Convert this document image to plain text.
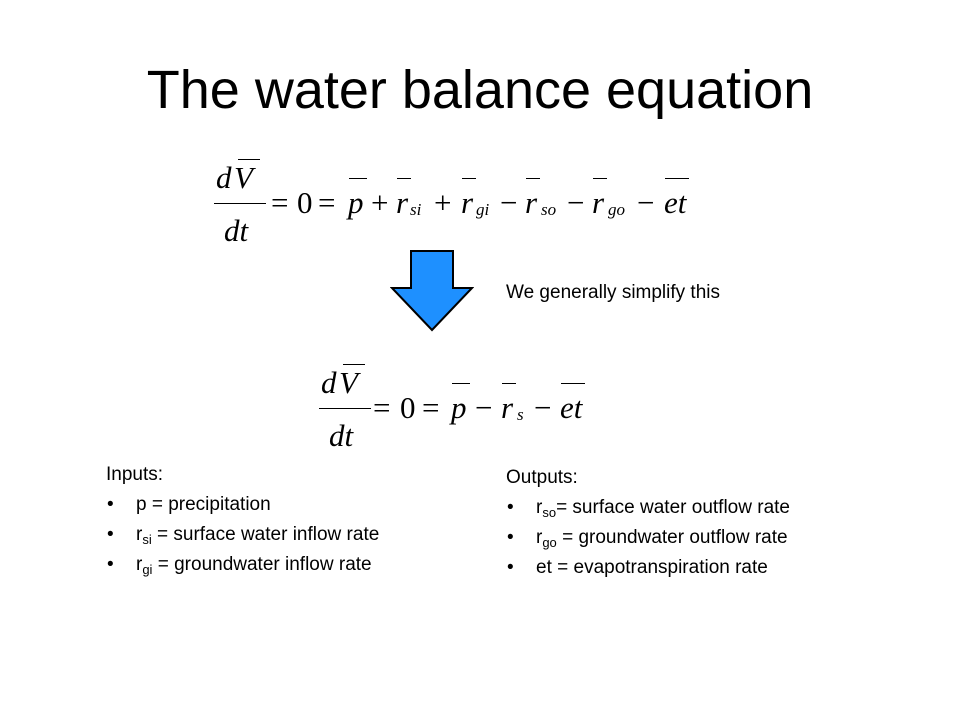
The water balance equation
d V
dt
= 0 = p + r si + r gi − r so − r go − et
We generally simplify this
d V
dt
= 0 = p − r s − et
Inputs:
• p = precipitation
• $r_{si}$ = surface water inflow rate
• $r_{gi}$ = groundwater inflow rate
Outputs:
• $r_{so}=$ surface water outflow rate
• $r_{go}$ = groundwater outflow rate
• et = evapotranspiration rate
